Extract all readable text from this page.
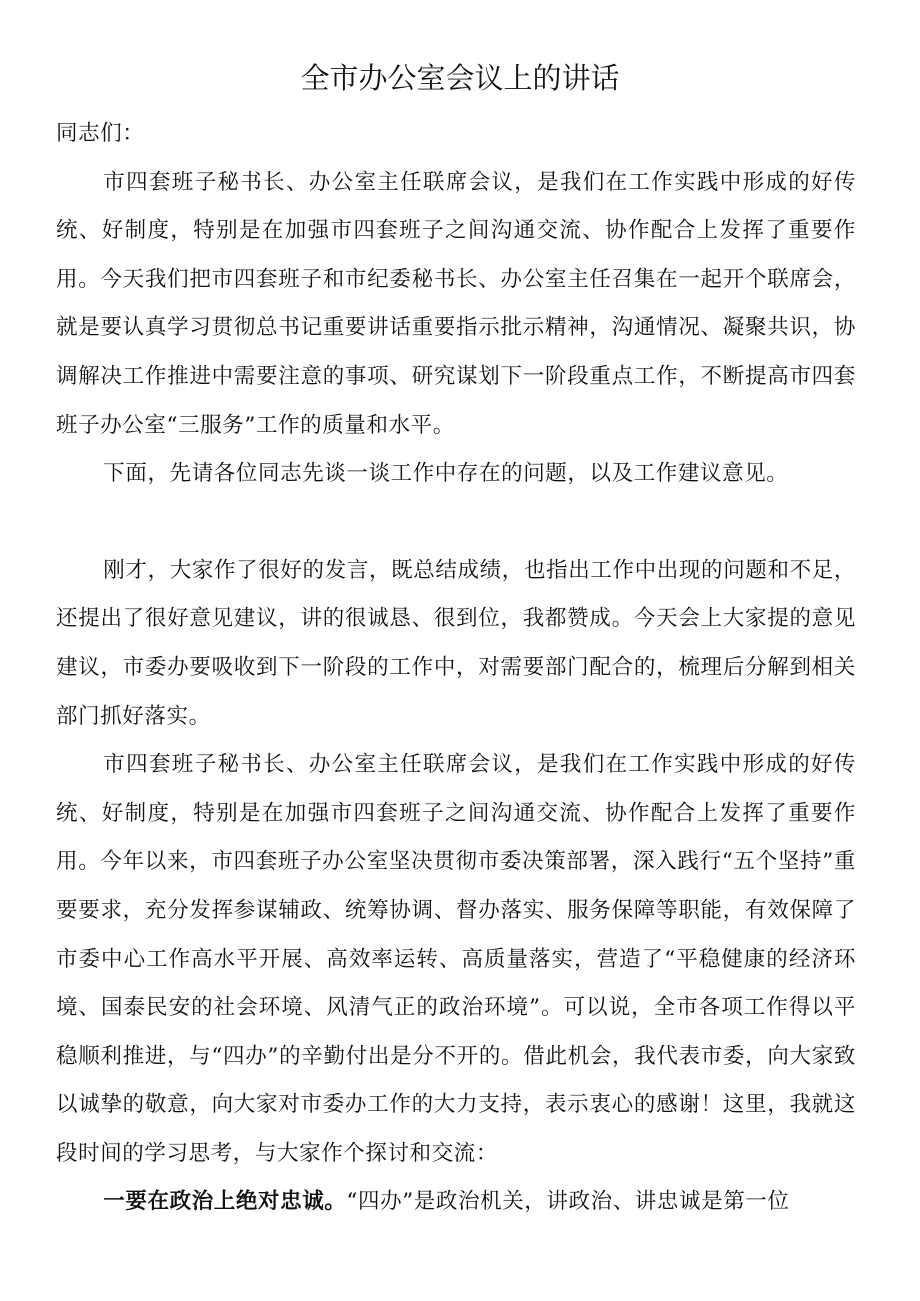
全市办公室会议上的讲话

同志们：

市四套班子秘书长、办公室主任联席会议，是我们在工作实践中形成的好传统、好制度，特别是在加强市四套班子之间沟通交流、协作配合上发挥了重要作用。今天我们把市四套班子和市纪委秘书长、办公室主任召集在一起开个联席会，就是要认真学习贯彻总书记重要讲话重要指示批示精神，沟通情况、凝聚共识，协调解决工作推进中需要注意的事项、研究谋划下一阶段重点工作，不断提高市四套班子办公室“三服务”工作的质量和水平。

下面，先请各位同志先谈一谈工作中存在的问题，以及工作建议意见。

刚才，大家作了很好的发言，既总结成绩，也指出工作中出现的问题和不足，还提出了很好意见建议，讲的很诚恳、很到位，我都赞成。今天会上大家提的意见建议，市委办要吸收到下一阶段的工作中，对需要部门配合的，梳理后分解到相关部门抓好落实。

市四套班子秘书长、办公室主任联席会议，是我们在工作实践中形成的好传统、好制度，特别是在加强市四套班子之间沟通交流、协作配合上发挥了重要作用。今年以来，市四套班子办公室坚决贯彻市委决策部署，深入践行“五个坚持”重要要求，充分发挥参谋辅政、统筹协调、督办落实、服务保障等职能，有效保障了市委中心工作高水平开展、高效率运转、高质量落实，营造了“平稳健康的经济环境、国泰民安的社会环境、风清气正的政治环境”。可以说，全市各项工作得以平稳顺利推进，与“四办”的辛勤付出是分不开的。借此机会，我代表市委，向大家致以诚挚的敬意，向大家对市委办工作的大力支持，表示衷心的感谢！这里，我就这段时间的学习思考，与大家作个探讨和交流：

一要在政治上绝对忠诚。“四办”是政治机关，讲政治、讲忠诚是第一位
